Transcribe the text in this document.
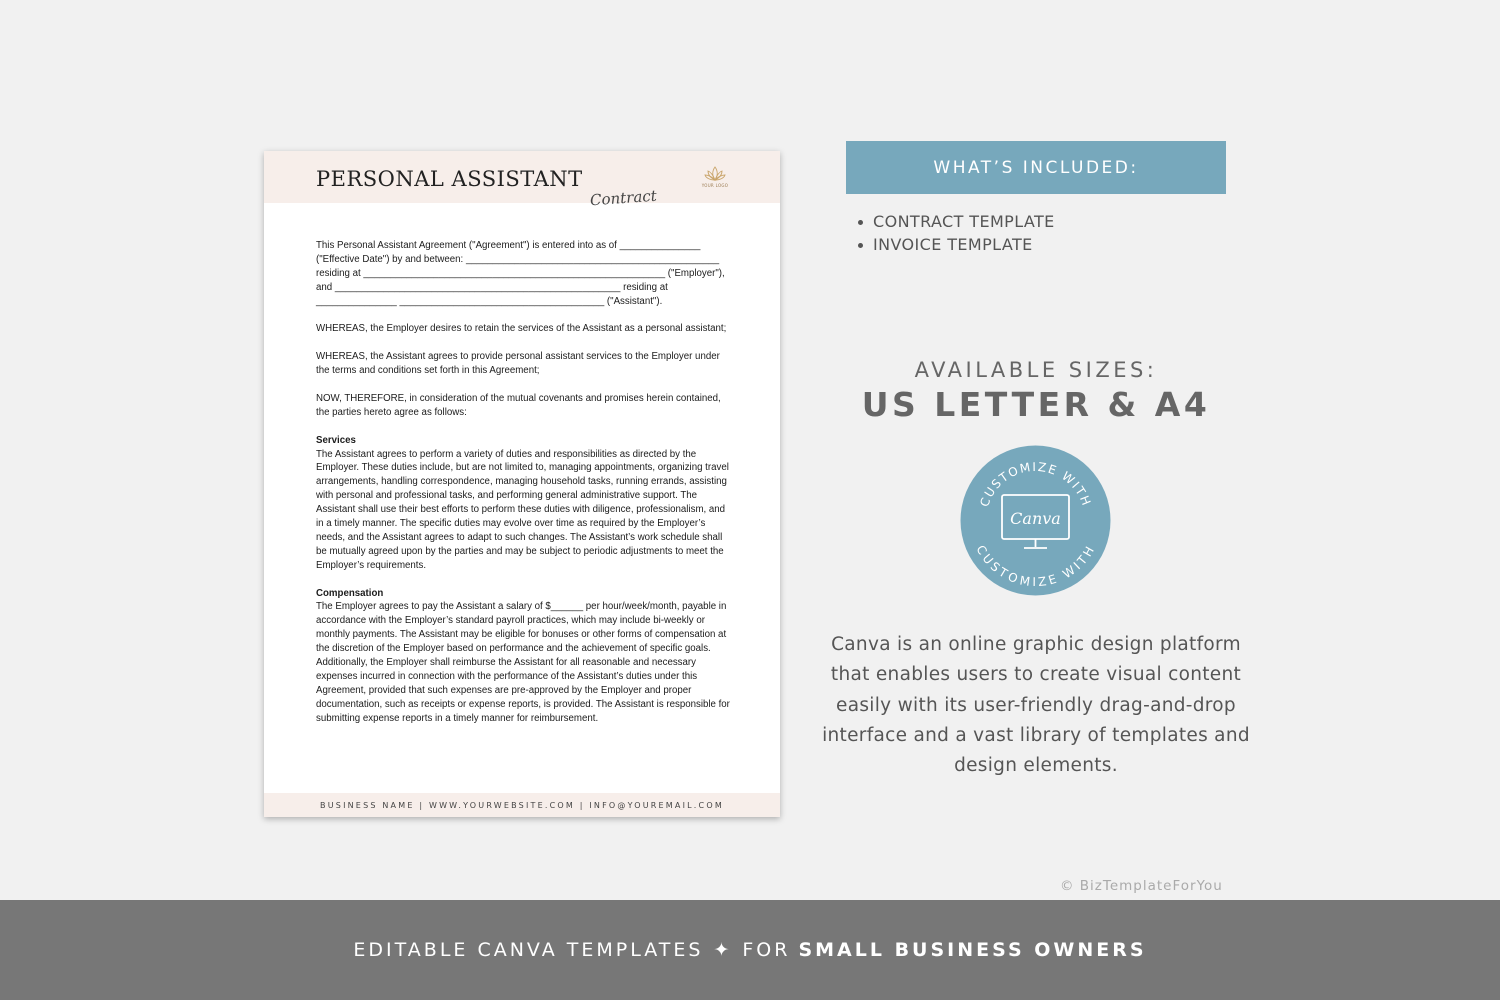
PERSONAL ASSISTANT
Contract
YOUR LOGO

This Personal Assistant Agreement ("Agreement") is entered into as of _______________ ("Effective Date") by and between: _______________________________________________ residing at ________________________________________________________ ("Employer"), and _____________________________________________________ residing at _______________ ______________________________________ ("Assistant").

WHEREAS, the Employer desires to retain the services of the Assistant as a personal assistant;

WHEREAS, the Assistant agrees to provide personal assistant services to the Employer under the terms and conditions set forth in this Agreement;

NOW, THEREFORE, in consideration of the mutual covenants and promises herein contained, the parties hereto agree as follows:

Services

The Assistant agrees to perform a variety of duties and responsibilities as directed by the Employer. These duties include, but are not limited to, managing appointments, organizing travel arrangements, handling correspondence, managing household tasks, running errands, assisting with personal and professional tasks, and performing general administrative support. The Assistant shall use their best efforts to perform these duties with diligence, professionalism, and in a timely manner. The specific duties may evolve over time as required by the Employer’s needs, and the Assistant agrees to adapt to such changes. The Assistant’s work schedule shall be mutually agreed upon by the parties and may be subject to periodic adjustments to meet the Employer’s requirements.

Compensation

The Employer agrees to pay the Assistant a salary of $______ per hour/week/month, payable in accordance with the Employer’s standard payroll practices, which may include bi-weekly or monthly payments. The Assistant may be eligible for bonuses or other forms of compensation at the discretion of the Employer based on performance and the achievement of specific goals. Additionally, the Employer shall reimburse the Assistant for all reasonable and necessary expenses incurred in connection with the performance of the Assistant’s duties under this Agreement, provided that such expenses are pre-approved by the Employer and proper documentation, such as receipts or expense reports, is provided. The Assistant is responsible for submitting expense reports in a timely manner for reimbursement.

BUSINESS NAME | WWW.YOURWEBSITE.COM | INFO@YOUREMAIL.COM
WHAT’S INCLUDED:
CONTRACT TEMPLATE
INVOICE TEMPLATE
AVAILABLE SIZES:
US LETTER & A4
CUSTOMIZE WITH
CUSTOMIZE WITH
Canva
Canva is an online graphic design platform that enables users to create visual content easily with its user-friendly drag-and-drop interface and a vast library of templates and design elements.
© BizTemplateForYou
EDITABLE CANVA TEMPLATES ✦ FOR SMALL BUSINESS OWNERS
